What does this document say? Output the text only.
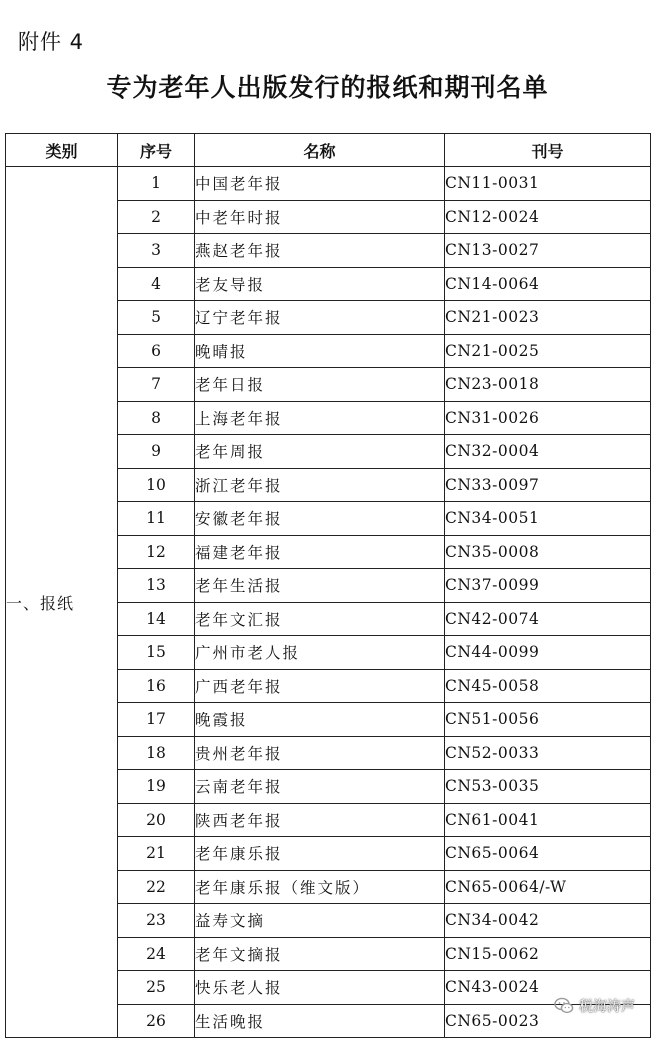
附件 4
专为老年人出版发行的报纸和期刊名单
类别	序号	名称	刊号
一、报纸	1	中国老年报	CN11-0031
	2	中老年时报	CN12-0024
	3	燕赵老年报	CN13-0027
	4	老友导报	CN14-0064
	5	辽宁老年报	CN21-0023
	6	晚晴报	CN21-0025
	7	老年日报	CN23-0018
	8	上海老年报	CN31-0026
	9	老年周报	CN32-0004
	10	浙江老年报	CN33-0097
	11	安徽老年报	CN34-0051
	12	福建老年报	CN35-0008
	13	老年生活报	CN37-0099
	14	老年文汇报	CN42-0074
	15	广州市老人报	CN44-0099
	16	广西老年报	CN45-0058
	17	晚霞报	CN51-0056
	18	贵州老年报	CN52-0033
	19	云南老年报	CN53-0035
	20	陕西老年报	CN61-0041
	21	老年康乐报	CN65-0064
	22	老年康乐报（维文版）	CN65-0064/-W
	23	益寿文摘	CN34-0042
	24	老年文摘报	CN15-0062
	25	快乐老人报	CN43-0024
	26	生活晚报	CN65-0023
税海涛声
